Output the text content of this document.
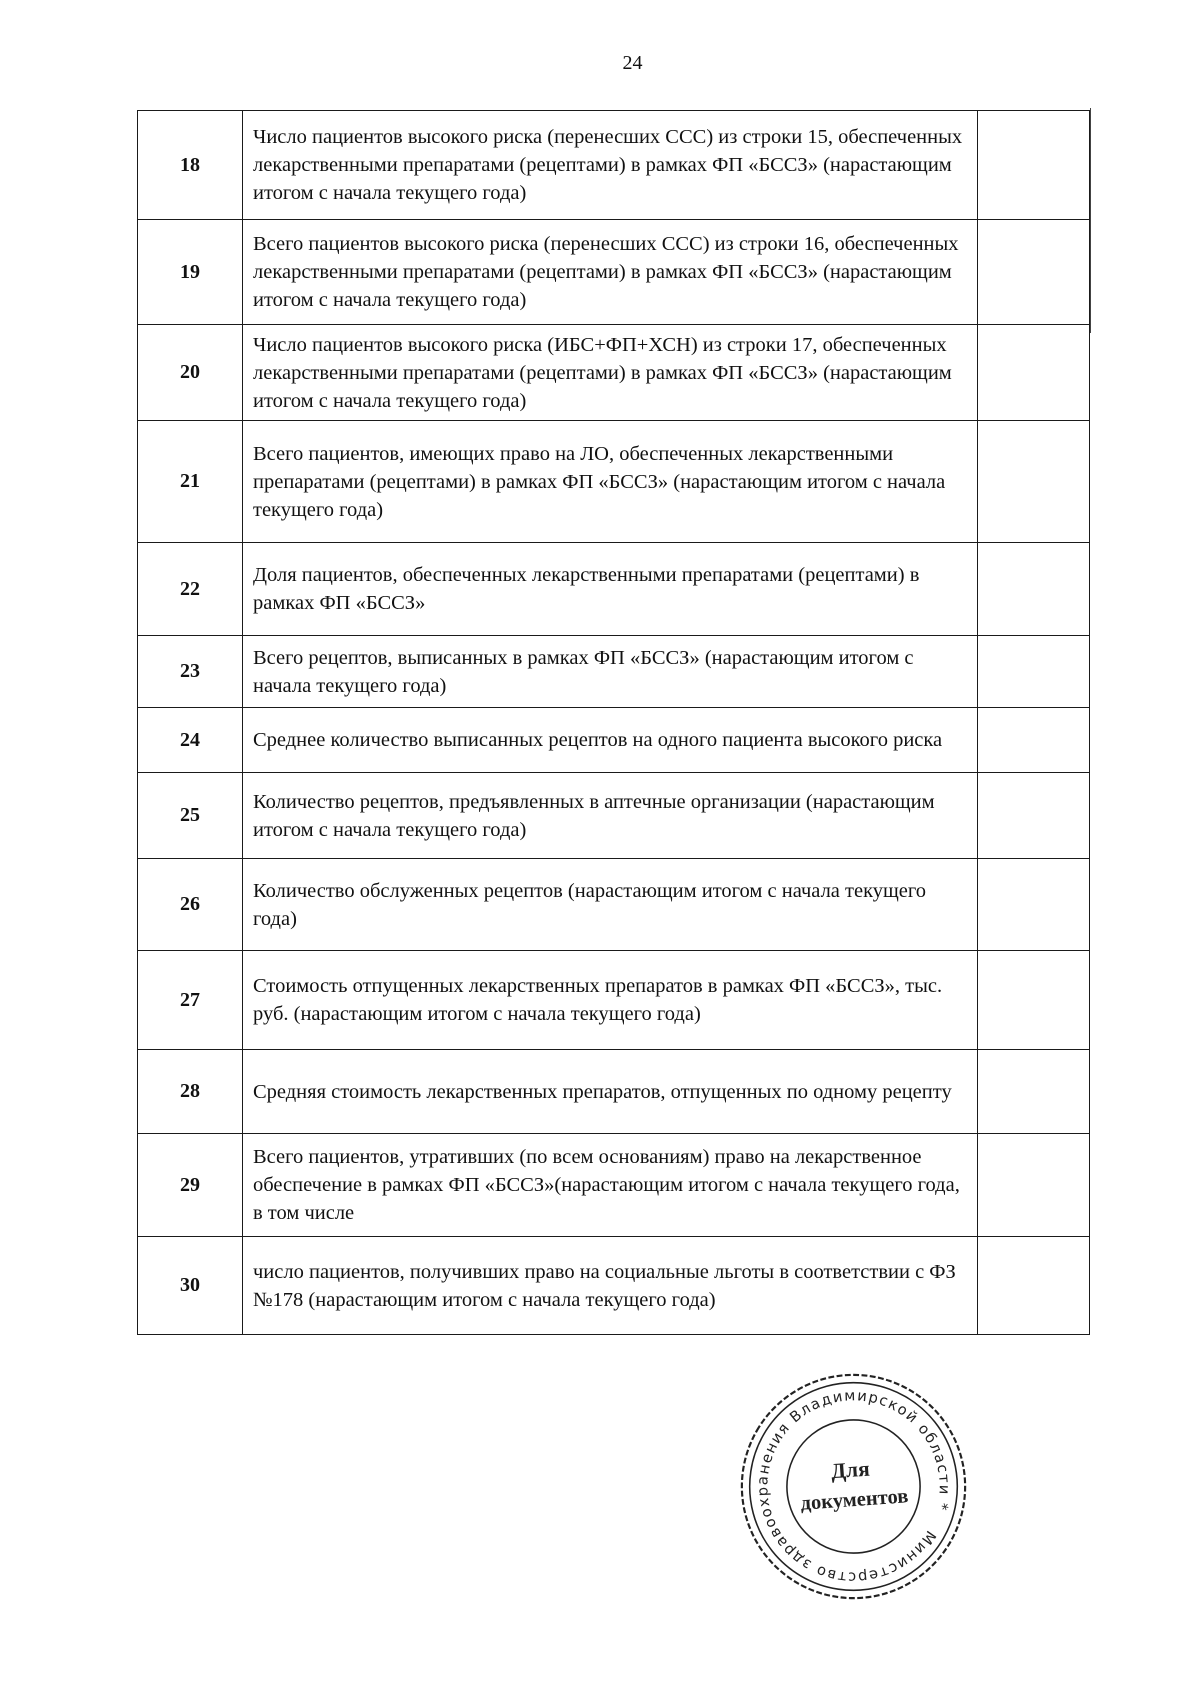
24
18	Число пациентов высокого риска (перенесших ССС) из строки 15, обеспеченных лекарственными препаратами (рецептами) в рамках ФП «БССЗ» (нарастающим итогом с начала текущего года)	
19	Всего пациентов высокого риска (перенесших ССС) из строки 16, обеспеченных лекарственными препаратами (рецептами) в рамках ФП «БССЗ» (нарастающим итогом с начала текущего года)	
20	Число пациентов высокого риска (ИБС+ФП+ХСН) из строки 17, обеспеченных лекарственными препаратами (рецептами) в рамках ФП «БССЗ» (нарастающим итогом с начала текущего года)	
21	Всего пациентов, имеющих право на ЛО, обеспеченных лекарственными препаратами (рецептами) в рамках ФП «БССЗ» (нарастающим итогом с начала текущего года)	
22	Доля пациентов, обеспеченных лекарственными препаратами (рецептами) в рамках ФП «БССЗ»	
23	Всего рецептов, выписанных в рамках ФП «БССЗ» (нарастающим итогом с начала текущего года)	
24	Среднее количество выписанных рецептов на одного пациента высокого риска	
25	Количество рецептов, предъявленных в аптечные организации (нарастающим итогом с начала текущего года)	
26	Количество обслуженных рецептов (нарастающим итогом с начала текущего года)	
27	Стоимость отпущенных лекарственных препаратов в рамках ФП «БССЗ», тыс. руб. (нарастающим итогом с начала текущего года)	
28	Средняя стоимость лекарственных препаратов, отпущенных по одному рецепту	
29	Всего пациентов, утративших (по всем основаниям) право на лекарственное обеспечение в рамках ФП «БССЗ»(нарастающим итогом с начала текущего года, в том числе	
30	число пациентов, получивших право на социальные льготы в соответствии с ФЗ №178 (нарастающим итогом с начала текущего года)	
Министерство здравоохранения Владимирской области *
Для
документов
